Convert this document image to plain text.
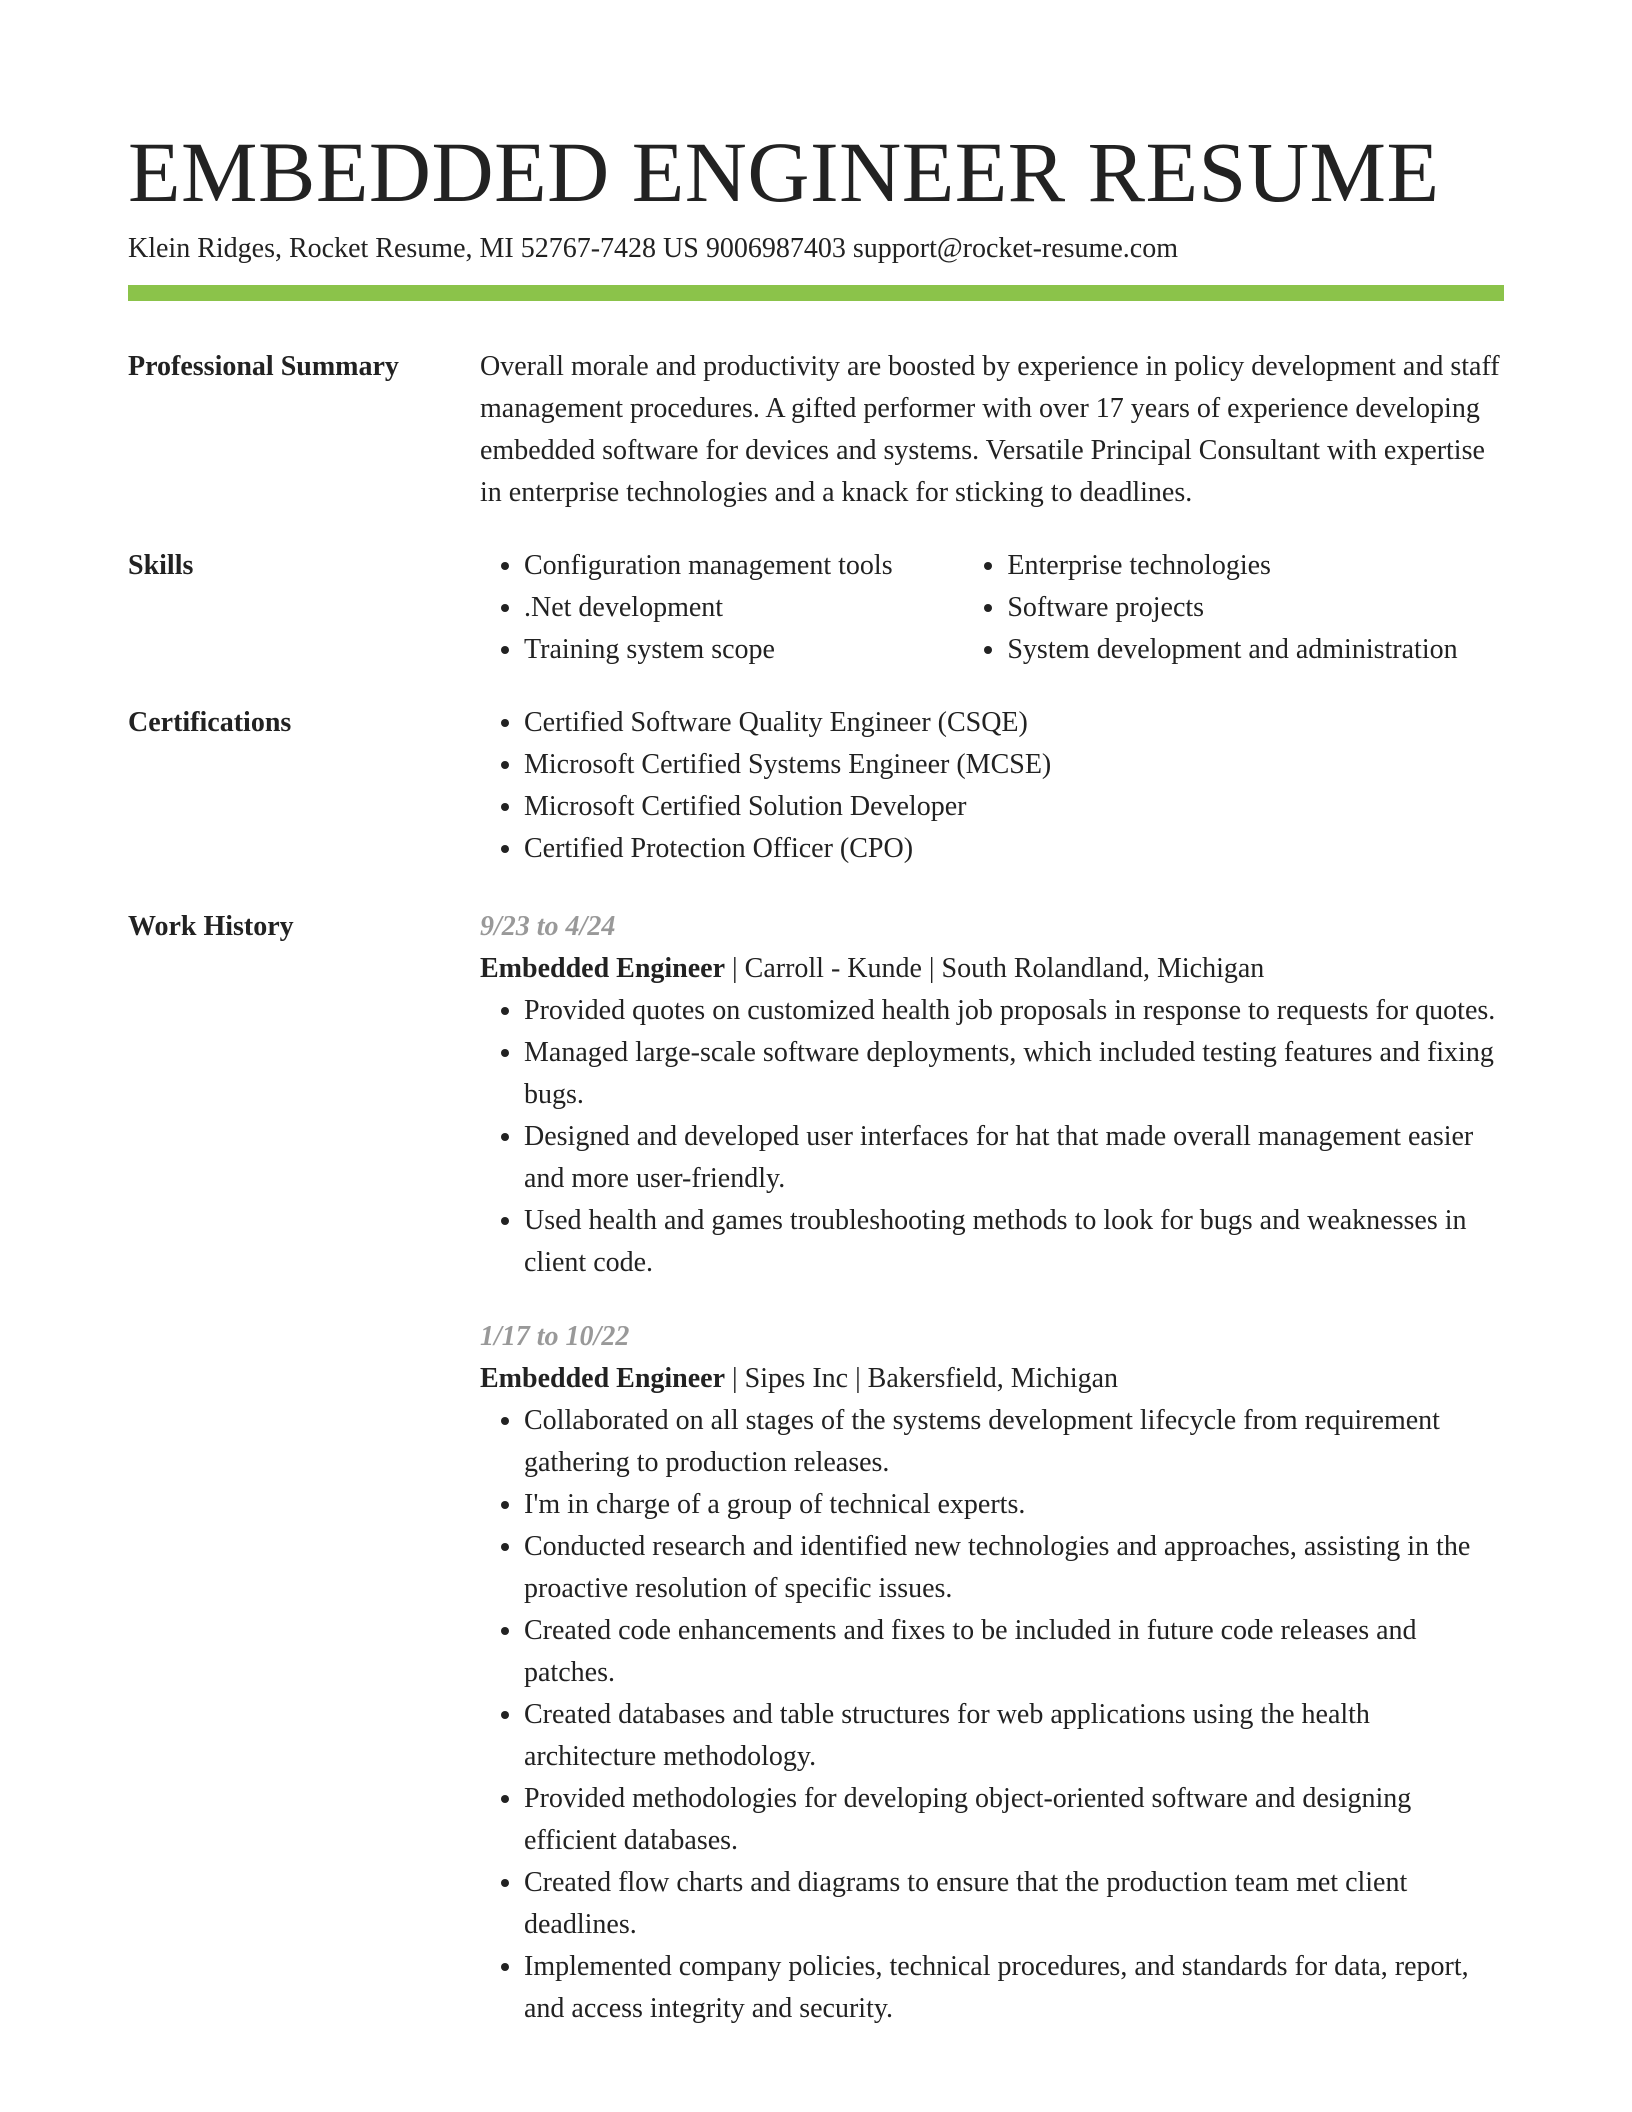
EMBEDDED ENGINEER RESUME
Klein Ridges, Rocket Resume, MI 52767-7428 US 9006987403 support@rocket-resume.com
Professional Summary	Overall morale and productivity are boosted by experience in policy development and staff management procedures. A gifted performer with over 17 years of experience developing embedded software for devices and systems. Versatile Principal Consultant with expertise in enterprise technologies and a knack for sticking to deadlines.

Skills	• Configuration management tools
• .Net development
• Training system scope
• Enterprise technologies
• Software projects
• System development and administration
Certifications	• Certified Software Quality Engineer (CSQE)
• Microsoft Certified Systems Engineer (MCSE)
• Microsoft Certified Solution Developer
• Certified Protection Officer (CPO)
Work History	9/23 to 4/24

Embedded Engineer | Carroll - Kunde | South Rolandland, Michigan

• Provided quotes on customized health job proposals in response to requests for quotes.
• Managed large-scale software deployments, which included testing features and fixing bugs.
• Designed and developed user interfaces for hat that made overall management easier and more user-friendly.
• Used health and games troubleshooting methods to look for bugs and weaknesses in client code.

1/17 to 10/22

Embedded Engineer | Sipes Inc | Bakersfield, Michigan

• Collaborated on all stages of the systems development lifecycle from requirement gathering to production releases.
• I'm in charge of a group of technical experts.
• Conducted research and identified new technologies and approaches, assisting in the proactive resolution of specific issues.
• Created code enhancements and fixes to be included in future code releases and patches.
• Created databases and table structures for web applications using the health architecture methodology.
• Provided methodologies for developing object-oriented software and designing efficient databases.
• Created flow charts and diagrams to ensure that the production team met client deadlines.
• Implemented company policies, technical procedures, and standards for data, report, and access integrity and security.
